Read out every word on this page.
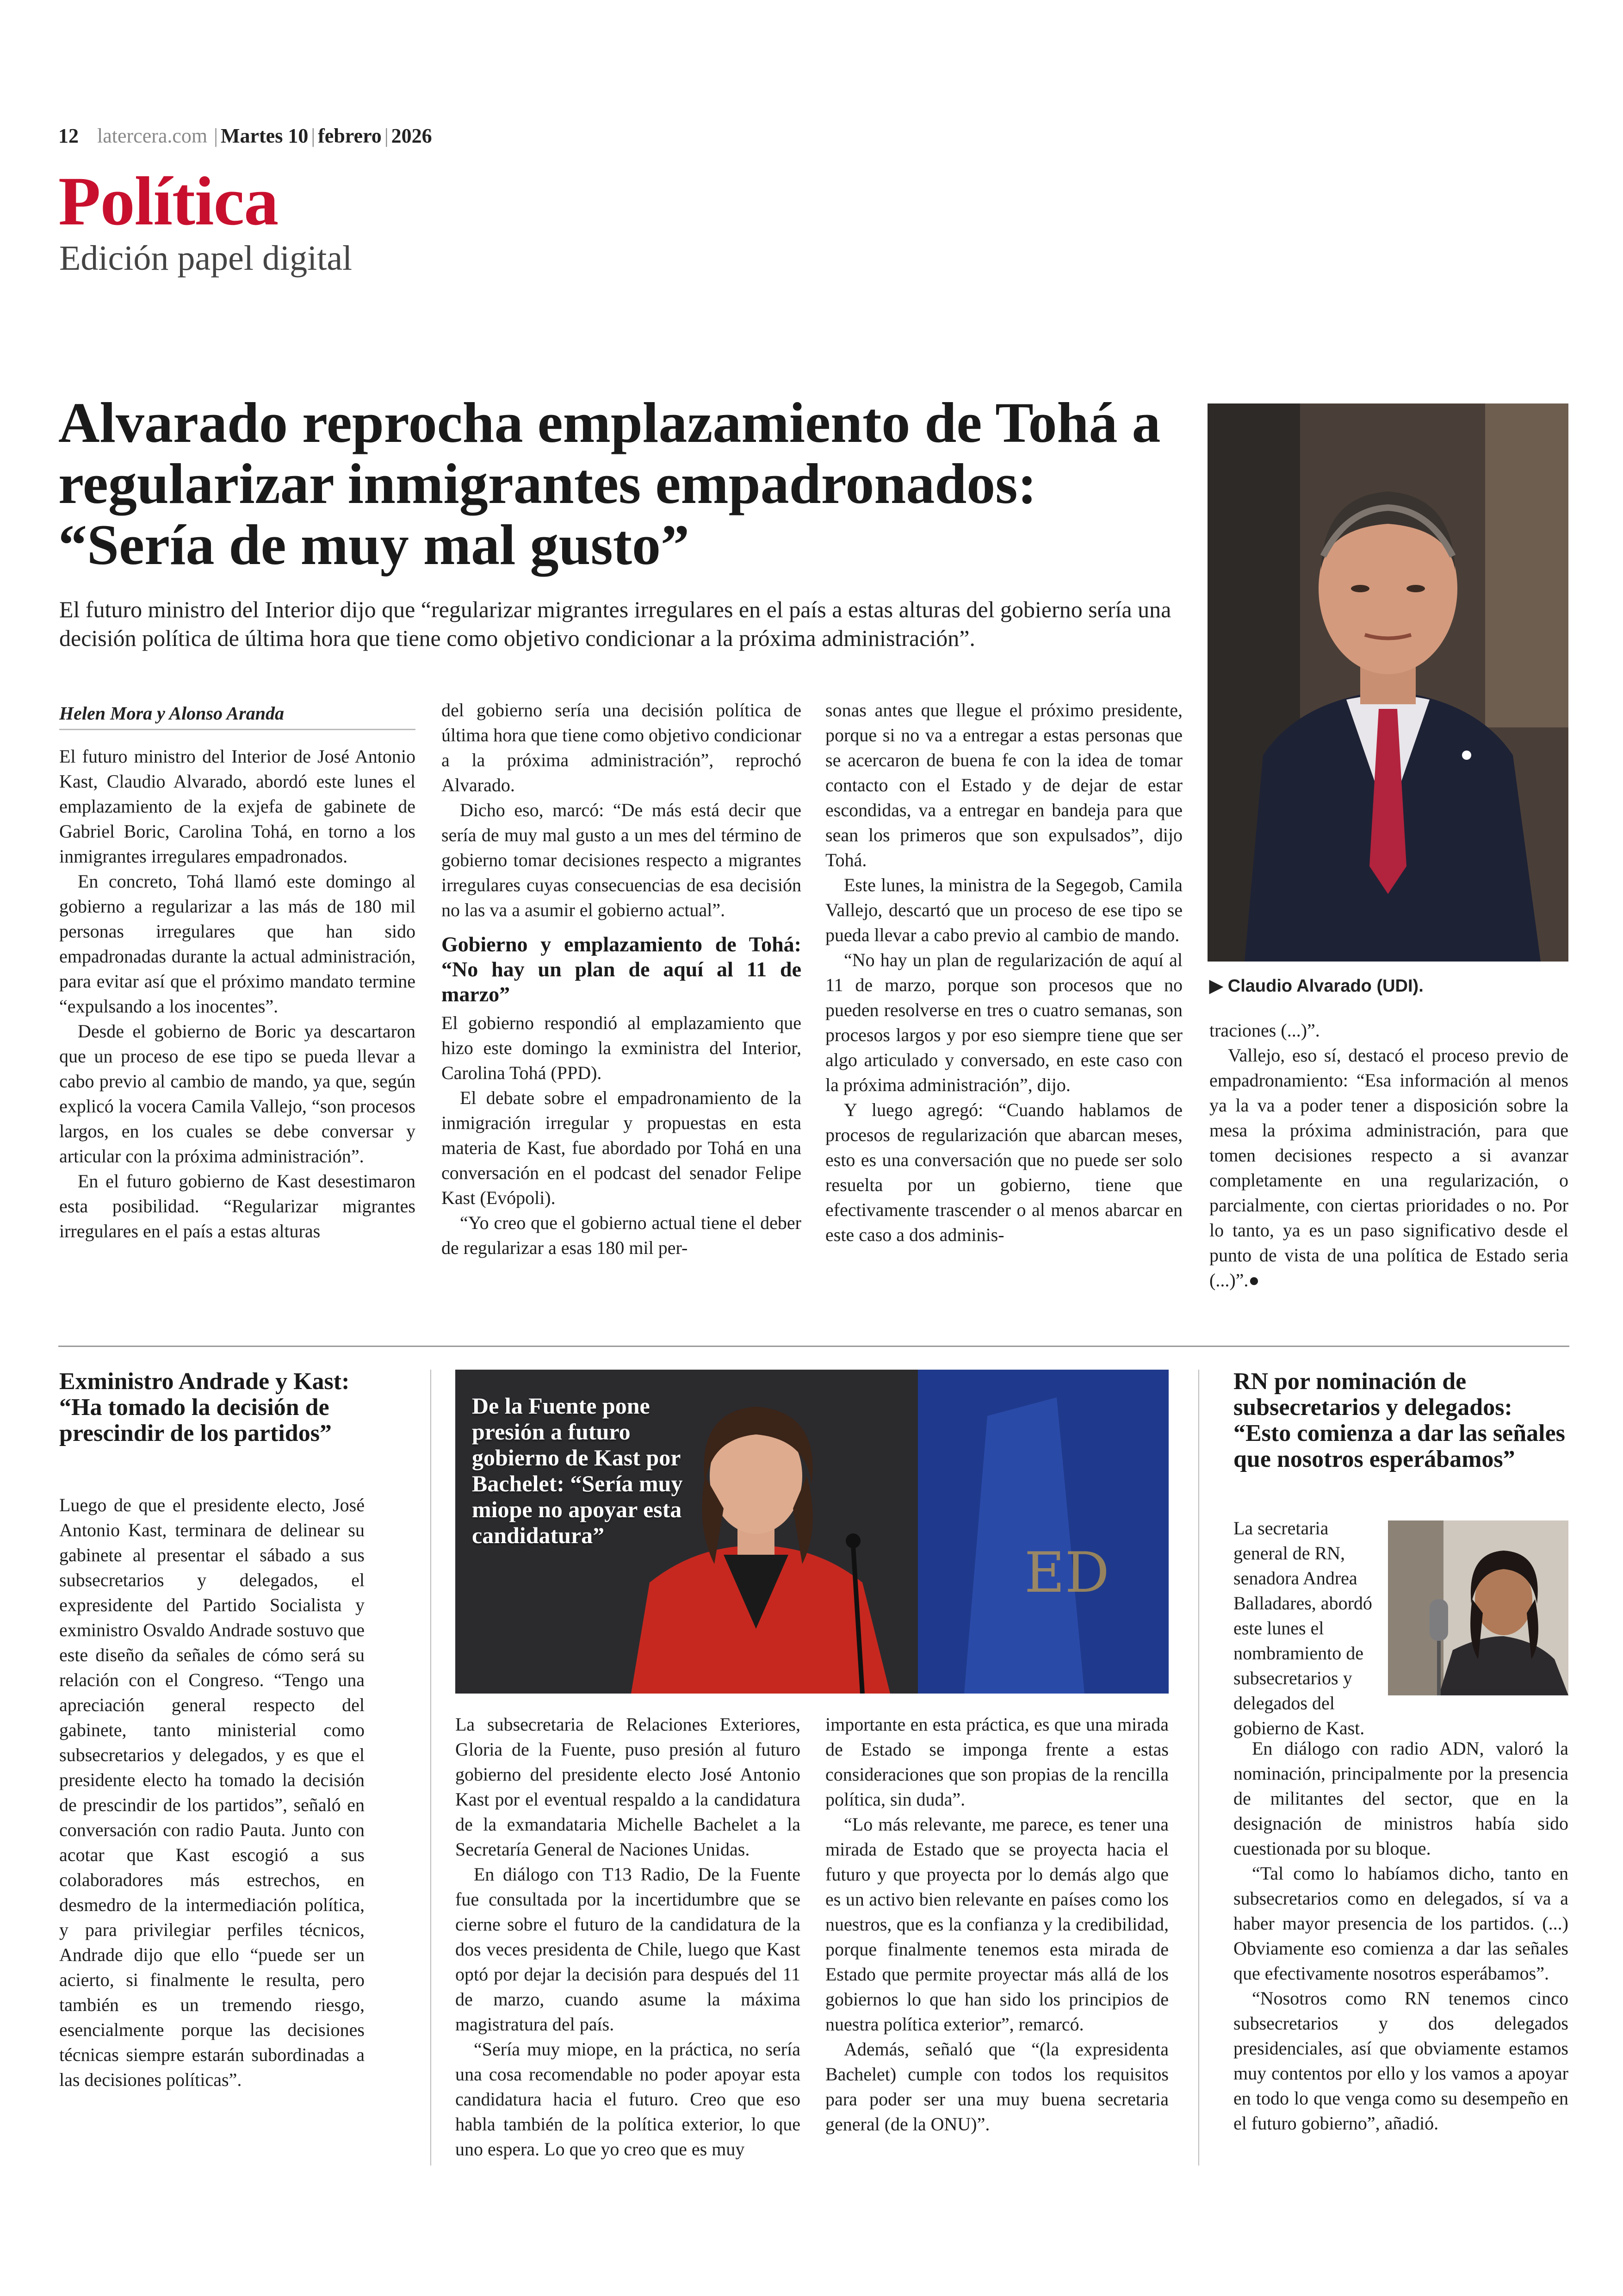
12 latercera.com | Martes 10 | febrero | 2026
Política
Edición papel digital
Alvarado reprocha emplazamiento de Tohá a regularizar inmigrantes empadronados: “Sería de muy mal gusto”

El futuro ministro del Interior dijo que “regularizar migrantes irregulares en el país a estas alturas del gobierno sería una decisión política de última hora que tiene como objetivo condicionar a la próxima administración”.

Helen Mora y Alonso Aranda

El futuro ministro del Interior de José Antonio Kast, Claudio Alvarado, abordó este lunes el emplazamiento de la exjefa de gabinete de Gabriel Boric, Carolina Tohá, en torno a los inmigrantes irregulares empadronados.

En concreto, Tohá llamó este domingo al gobierno a regularizar a las más de 180 mil personas irregulares que han sido empadronadas durante la actual administración, para evitar así que el próximo mandato termine “expulsando a los inocentes”.

Desde el gobierno de Boric ya descartaron que un proceso de ese tipo se pueda llevar a cabo previo al cambio de mando, ya que, según explicó la vocera Camila Vallejo, “son procesos largos, en los cuales se debe conversar y articular con la próxima administración”.

En el futuro gobierno de Kast desestimaron esta posibilidad. “Regularizar migrantes irregulares en el país a estas alturas

del gobierno sería una decisión política de última hora que tiene como objetivo condicionar a la próxima administración”, reprochó Alvarado.

Dicho eso, marcó: “De más está decir que sería de muy mal gusto a un mes del término de gobierno tomar decisiones respecto a migrantes irregulares cuyas consecuencias de esa decisión no las va a asumir el gobierno actual”.

Gobierno y emplazamiento de Tohá: “No hay un plan de aquí al 11 de marzo”

El gobierno respondió al emplazamiento que hizo este domingo la exministra del Interior, Carolina Tohá (PPD).

El debate sobre el empadronamiento de la inmigración irregular y propuestas en esta materia de Kast, fue abordado por Tohá en una conversación en el podcast del senador Felipe Kast (Evópoli).

“Yo creo que el gobierno actual tiene el deber de regularizar a esas 180 mil per-

sonas antes que llegue el próximo presidente, porque si no va a entregar a estas personas que se acercaron de buena fe con la idea de tomar contacto con el Estado y de dejar de estar escondidas, va a entregar en bandeja para que sean los primeros que son expulsados”, dijo Tohá.

Este lunes, la ministra de la Segegob, Camila Vallejo, descartó que un proceso de ese tipo se pueda llevar a cabo previo al cambio de mando.

“No hay un plan de regularización de aquí al 11 de marzo, porque son procesos que no pueden resolverse en tres o cuatro semanas, son procesos largos y por eso siempre tiene que ser algo articulado y conversado, en este caso con la próxima administración”, dijo.

Y luego agregó: “Cuando hablamos de procesos de regularización que abarcan meses, esto es una conversación que no puede ser solo resuelta por un gobierno, tiene que efectivamente trascender o al menos abarcar en este caso a dos adminis-

▶ Claudio Alvarado (UDI).

traciones (...)”.

Vallejo, eso sí, destacó el proceso previo de empadronamiento: “Esa información al menos ya la va a poder tener a disposición sobre la mesa la próxima administración, para que tomen decisiones respecto a si avanzar completamente en una regularización, o parcialmente, con ciertas prioridades o no. Por lo tanto, ya es un paso significativo desde el punto de vista de una política de Estado seria (...)”.●

Exministro Andrade y Kast: “Ha tomado la decisión de prescindir de los partidos”

Luego de que el presidente electo, José Antonio Kast, terminara de delinear su gabinete al presentar el sábado a sus subsecretarios y delegados, el expresidente del Partido Socialista y exministro Osvaldo Andrade sostuvo que este diseño da señales de cómo será su relación con el Congreso. “Tengo una apreciación general respecto del gabinete, tanto ministerial como subsecretarios y delegados, y es que el presidente electo ha tomado la decisión de prescindir de los partidos”, señaló en conversación con radio Pauta. Junto con acotar que Kast escogió a sus colaboradores más estrechos, en desmedro de la intermediación política, y para privilegiar perfiles técnicos, Andrade dijo que ello “puede ser un acierto, si finalmente le resulta, pero también es un tremendo riesgo, esencialmente porque las decisiones técnicas siempre estarán subordinadas a las decisiones políticas”.

ED
De la Fuente pone presión a futuro gobierno de Kast por Bachelet: “Sería muy miope no apoyar esta candidatura”

La subsecretaria de Relaciones Exteriores, Gloria de la Fuente, puso presión al futuro gobierno del presidente electo José Antonio Kast por el eventual respaldo a la candidatura de la exmandataria Michelle Bachelet a la Secretaría General de Naciones Unidas.

En diálogo con T13 Radio, De la Fuente fue consultada por la incertidumbre que se cierne sobre el futuro de la candidatura de la dos veces presidenta de Chile, luego que Kast optó por dejar la decisión para después del 11 de marzo, cuando asume la máxima magistratura del país.

“Sería muy miope, en la práctica, no sería una cosa recomendable no poder apoyar esta candidatura hacia el futuro. Creo que eso habla también de la política exterior, lo que uno espera. Lo que yo creo que es muy

importante en esta práctica, es que una mirada de Estado se imponga frente a estas consideraciones que son propias de la rencilla política, sin duda”.

“Lo más relevante, me parece, es tener una mirada de Estado que se proyecta hacia el futuro y que proyecta por lo demás algo que es un activo bien relevante en países como los nuestros, que es la confianza y la credibilidad, porque finalmente tenemos esta mirada de Estado que permite proyectar más allá de los gobiernos lo que han sido los principios de nuestra política exterior”, remarcó.

Además, señaló que “(la expresidenta Bachelet) cumple con todos los requisitos para poder ser una muy buena secretaria general (de la ONU)”.

RN por nominación de subsecretarios y delegados: “Esto comienza a dar las señales que nosotros esperábamos”

La secretaria general de RN, senadora Andrea Balladares, abordó este lunes el nombramiento de subsecretarios y delegados del gobierno de Kast.

En diálogo con radio ADN, valoró la nominación, principalmente por la presencia de militantes del sector, que en la designación de ministros había sido cuestionada por su bloque.

“Tal como lo habíamos dicho, tanto en subsecretarios como en delegados, sí va a haber mayor presencia de los partidos. (...) Obviamente eso comienza a dar las señales que efectivamente nosotros esperábamos”.

“Nosotros como RN tenemos cinco subsecretarios y dos delegados presidenciales, así que obviamente estamos muy contentos por ello y los vamos a apoyar en todo lo que venga como su desempeño en el futuro gobierno”, añadió.
